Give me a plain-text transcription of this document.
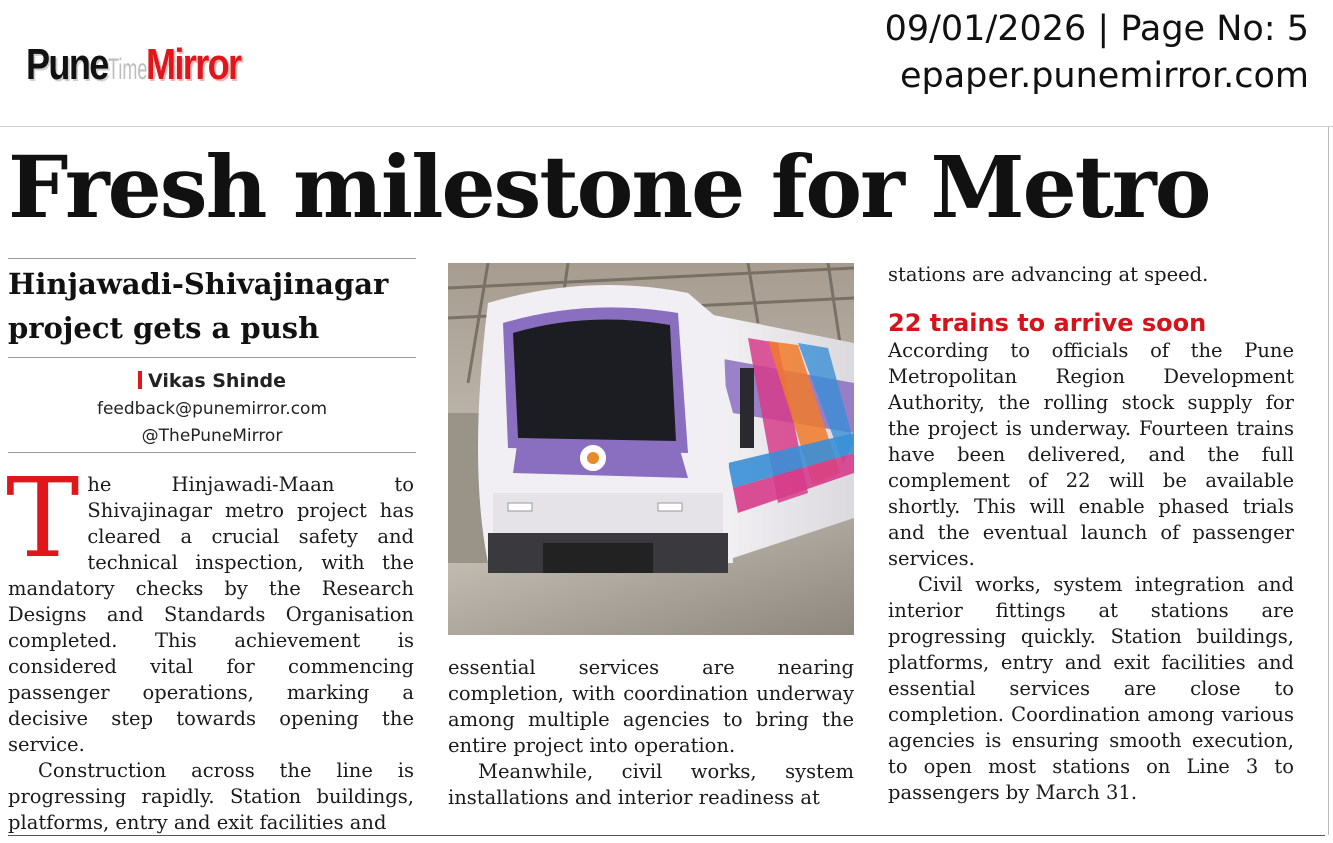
PuneTimesMirror
09/01/2026 | Page No: 5
epaper.punemirror.com
Fresh milestone for Metro
Hinjawadi-Shivajinagar project gets a push
Vikas Shinde
feedback@punemirror.com
@ThePuneMirror

The Hinjawadi-Maan to Shivajinagar metro project has cleared a crucial safety and technical inspection, with the mandatory checks by the Research Designs and Standards Organisation completed. This achievement is considered vital for commencing passenger operations, marking a decisive step towards opening the service.

Construction across the line is progressing rapidly. Station buildings, platforms, entry and exit facilities and

essential services are nearing completion, with coordination underway among multiple agencies to bring the entire project into operation.

Meanwhile, civil works, system installations and interior readiness at

stations are advancing at speed.

22 trains to arrive soon

According to officials of the Pune Metropolitan Region Development Authority, the rolling stock supply for the project is underway. Fourteen trains have been delivered, and the full complement of 22 will be available shortly. This will enable phased trials and the eventual launch of passenger services.

Civil works, system integration and interior fittings at stations are progressing quickly. Station buildings, platforms, entry and exit facilities and essential services are close to completion. Coordination among various agencies is ensuring smooth execution, to open most stations on Line 3 to passengers by March 31.
